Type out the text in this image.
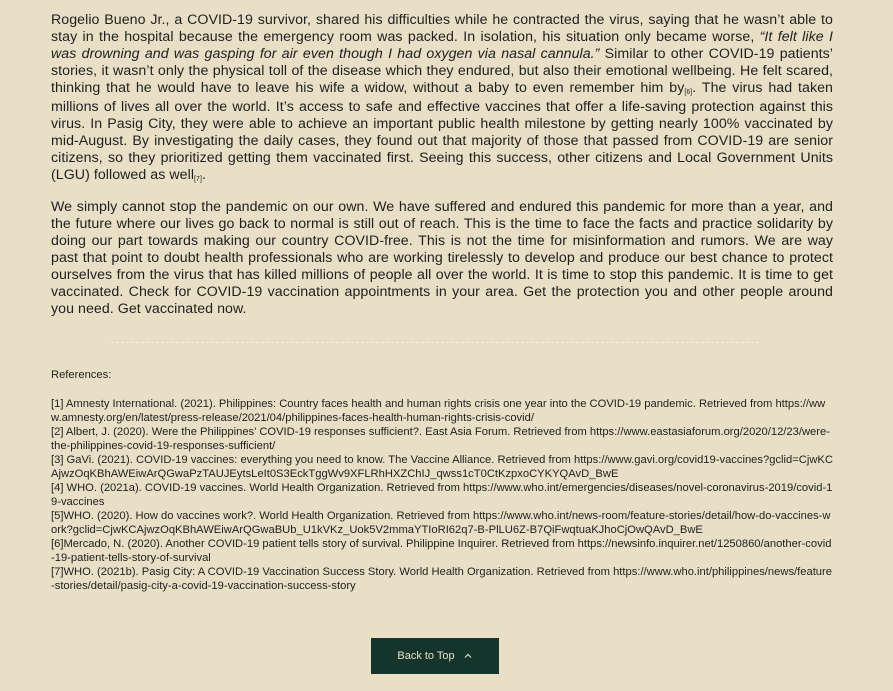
Rogelio Bueno Jr., a COVID-19 survivor, shared his difficulties while he contracted the virus, saying that he wasn’t able to stay in the hospital because the emergency room was packed. In isolation, his situation only became worse, “It felt like I was drowning and was gasping for air even though I had oxygen via nasal cannula.” Similar to other COVID-19 patients’ stories, it wasn’t only the physical toll of the disease which they endured, but also their emotional wellbeing. He felt scared, thinking that he would have to leave his wife a widow, without a baby to even remember him by[6]. The virus had taken millions of lives all over the world. It’s access to safe and effective vaccines that offer a life-saving protection against this virus. In Pasig City, they were able to achieve an important public health milestone by getting nearly 100% vaccinated by mid-August. By investigating the daily cases, they found out that majority of those that passed from COVID-19 are senior citizens, so they prioritized getting them vaccinated first. Seeing this success, other citizens and Local Government Units (LGU) followed as well[7].

We simply cannot stop the pandemic on our own. We have suffered and endured this pandemic for more than a year, and the future where our lives go back to normal is still out of reach. This is the time to face the facts and practice solidarity by doing our part towards making our country COVID-free. This is not the time for misinformation and rumors. We are way past that point to doubt health professionals who are working tirelessly to develop and produce our best chance to protect ourselves from the virus that has killed millions of people all over the world. It is time to stop this pandemic. It is time to get vaccinated. Check for COVID-19 vaccination appointments in your area. Get the protection you and other people around you need. Get vaccinated now.

References:

[1] Amnesty International. (2021). Philippines: Country faces health and human rights crisis one year into the COVID-19 pandemic. Retrieved from https://www.amnesty.org/en/latest/press-release/2021/04/philippines-faces-health-human-rights-crisis-covid/
[2] Albert, J. (2020). Were the Philippines’ COVID-19 responses sufficient?. East Asia Forum. Retrieved from https://www.eastasiaforum.org/2020/12/23/were-the-philippines-covid-19-responses-sufficient/
[3] GaVi. (2021). COVID-19 vaccines: everything you need to know. The Vaccine Alliance. Retrieved from https://www.gavi.org/covid19-vaccines?gclid=CjwKCAjwzOqKBhAWEiwArQGwaPzTAUJEytsLeIt0S3EckTggWv9XFLRhHXZChIJ_qwss1cT0CtKzpxoCYKYQAvD_BwE
[4] WHO. (2021a). COVID-19 vaccines. World Health Organization. Retrieved from https://www.who.int/emergencies/diseases/novel-coronavirus-2019/covid-19-vaccines
[5]WHO. (2020). How do vaccines work?. World Health Organization. Retrieved from https://www.who.int/news-room/feature-stories/detail/how-do-vaccines-work?gclid=CjwKCAjwzOqKBhAWEiwArQGwaBUb_U1kVKz_Uok5V2mmaYTIoRI62q7-B-PlLU6Z-B7QiFwqtuaKJhoCjOwQAvD_BwE
[6]Mercado, N. (2020). Another COVID-19 patient tells story of survival. Philippine Inquirer. Retrieved from https://newsinfo.inquirer.net/1250860/another-covid-19-patient-tells-story-of-survival
[7]WHO. (2021b). Pasig City: A COVID-19 Vaccination Success Story. World Health Organization. Retrieved from https://www.who.int/philippines/news/feature-stories/detail/pasig-city-a-covid-19-vaccination-success-story
Back to Top
